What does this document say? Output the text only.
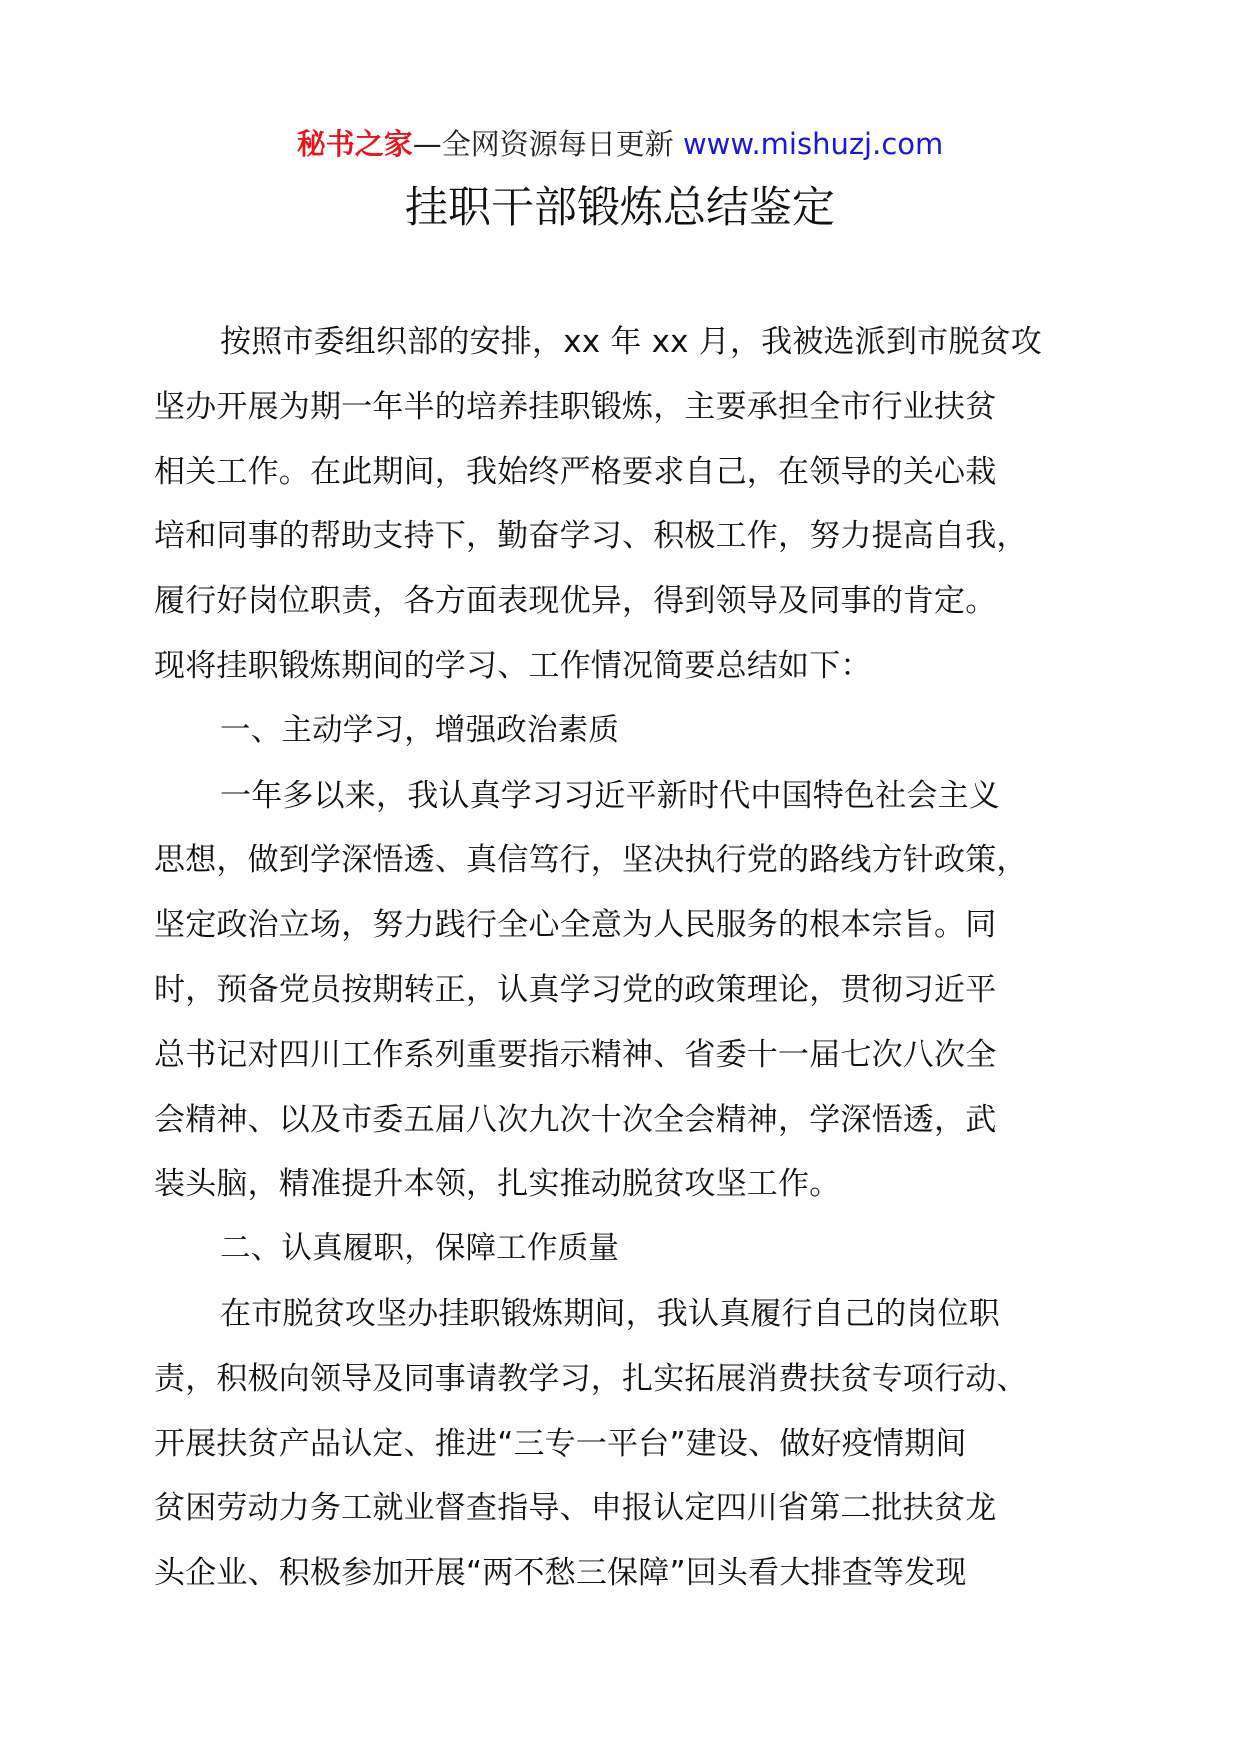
秘书之家—全网资源每日更新 www.mishuzj.com
挂职干部锻炼总结鉴定
按照市委组织部的安排，xx 年 xx 月，我被选派到市脱贫攻
坚办开展为期一年半的培养挂职锻炼，主要承担全市行业扶贫
相关工作。在此期间，我始终严格要求自己，在领导的关心栽
培和同事的帮助支持下，勤奋学习、积极工作，努力提高自我，
履行好岗位职责，各方面表现优异，得到领导及同事的肯定。
现将挂职锻炼期间的学习、工作情况简要总结如下：
一、主动学习，增强政治素质
一年多以来，我认真学习习近平新时代中国特色社会主义
思想，做到学深悟透、真信笃行，坚决执行党的路线方针政策，
坚定政治立场，努力践行全心全意为人民服务的根本宗旨。同
时，预备党员按期转正，认真学习党的政策理论，贯彻习近平
总书记对四川工作系列重要指示精神、省委十一届七次八次全
会精神、以及市委五届八次九次十次全会精神，学深悟透，武
装头脑，精准提升本领，扎实推动脱贫攻坚工作。
二、认真履职，保障工作质量
在市脱贫攻坚办挂职锻炼期间，我认真履行自己的岗位职
责，积极向领导及同事请教学习，扎实拓展消费扶贫专项行动、
开展扶贫产品认定、推进“三专一平台”建设、做好疫情期间
贫困劳动力务工就业督查指导、申报认定四川省第二批扶贫龙
头企业、积极参加开展“两不愁三保障”回头看大排查等发现
